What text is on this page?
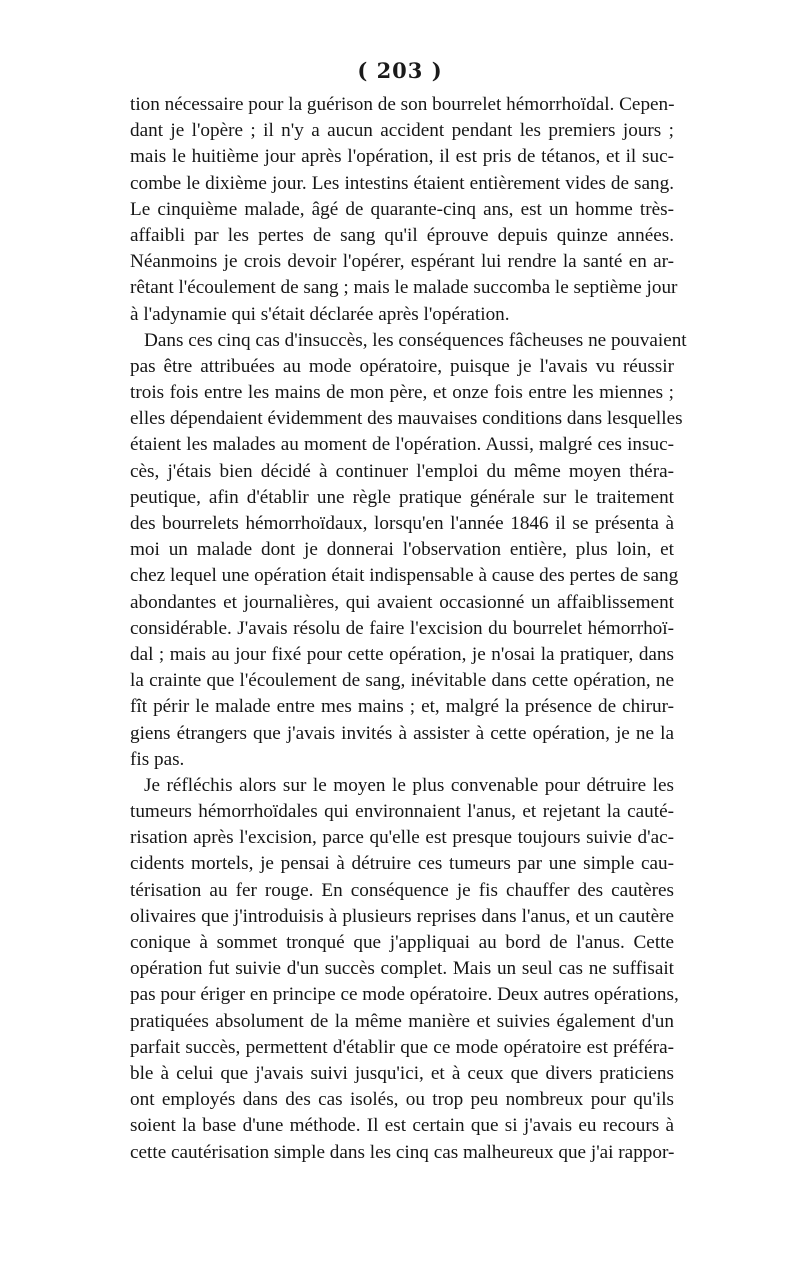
( 203 )
tion nécessaire pour la guérison de son bourrelet hémorrhoïdal. Cepen-
dant je l'opère ; il n'y a aucun accident pendant les premiers jours ;
mais le huitième jour après l'opération, il est pris de tétanos, et il suc-
combe le dixième jour. Les intestins étaient entièrement vides de sang.
Le cinquième malade, âgé de quarante-cinq ans, est un homme très-
affaibli par les pertes de sang qu'il éprouve depuis quinze années.
Néanmoins je crois devoir l'opérer, espérant lui rendre la santé en ar-
rêtant l'écoulement de sang ; mais le malade succomba le septième jour
à l'adynamie qui s'était déclarée après l'opération.
Dans ces cinq cas d'insuccès, les conséquences fâcheuses ne pouvaient
pas être attribuées au mode opératoire, puisque je l'avais vu réussir
trois fois entre les mains de mon père, et onze fois entre les miennes ;
elles dépendaient évidemment des mauvaises conditions dans lesquelles
étaient les malades au moment de l'opération. Aussi, malgré ces insuc-
cès, j'étais bien décidé à continuer l'emploi du même moyen théra-
peutique, afin d'établir une règle pratique générale sur le traitement
des bourrelets hémorrhoïdaux, lorsqu'en l'année 1846 il se présenta à
moi un malade dont je donnerai l'observation entière, plus loin, et
chez lequel une opération était indispensable à cause des pertes de sang
abondantes et journalières, qui avaient occasionné un affaiblissement
considérable. J'avais résolu de faire l'excision du bourrelet hémorrhoï-
dal ; mais au jour fixé pour cette opération, je n'osai la pratiquer, dans
la crainte que l'écoulement de sang, inévitable dans cette opération, ne
fît périr le malade entre mes mains ; et, malgré la présence de chirur-
giens étrangers que j'avais invités à assister à cette opération, je ne la
fis pas.
Je réfléchis alors sur le moyen le plus convenable pour détruire les
tumeurs hémorrhoïdales qui environnaient l'anus, et rejetant la cauté-
risation après l'excision, parce qu'elle est presque toujours suivie d'ac-
cidents mortels, je pensai à détruire ces tumeurs par une simple cau-
térisation au fer rouge. En conséquence je fis chauffer des cautères
olivaires que j'introduisis à plusieurs reprises dans l'anus, et un cautère
conique à sommet tronqué que j'appliquai au bord de l'anus. Cette
opération fut suivie d'un succès complet. Mais un seul cas ne suffisait
pas pour ériger en principe ce mode opératoire. Deux autres opérations,
pratiquées absolument de la même manière et suivies également d'un
parfait succès, permettent d'établir que ce mode opératoire est préféra-
ble à celui que j'avais suivi jusqu'ici, et à ceux que divers praticiens
ont employés dans des cas isolés, ou trop peu nombreux pour qu'ils
soient la base d'une méthode. Il est certain que si j'avais eu recours à
cette cautérisation simple dans les cinq cas malheureux que j'ai rappor-
